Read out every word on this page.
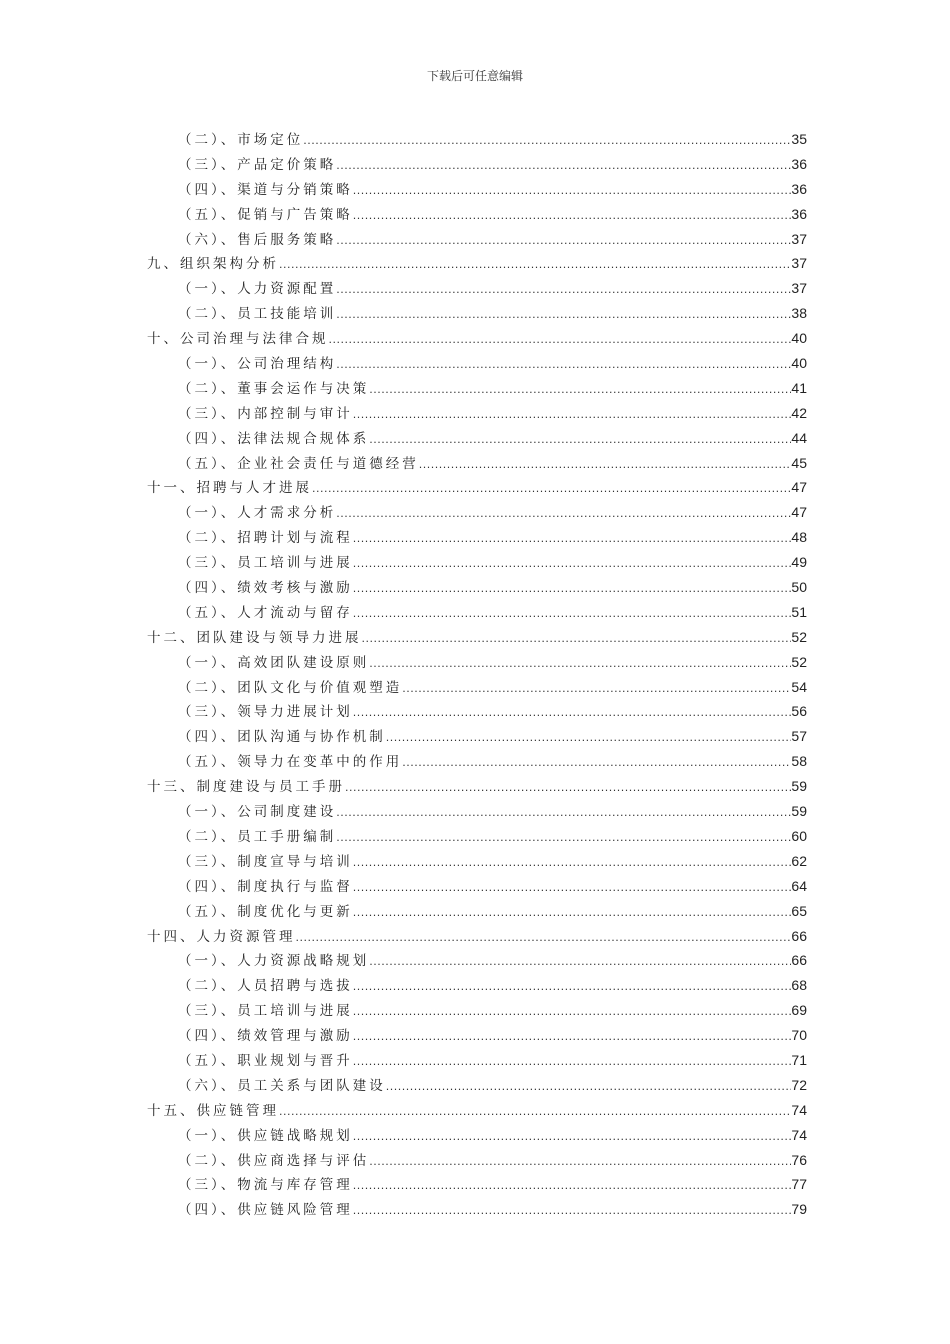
下载后可任意编辑
（二）、市场定位 .....	35
（三）、产品定价策略 .....	36
（四）、渠道与分销策略 .....	36
（五）、促销与广告策略 .....	36
（六）、售后服务策略 .....	37
九、组织架构分析 .....	37
（一）、人力资源配置 .....	37
（二）、员工技能培训 .....	38
十、公司治理与法律合规 .....	40
（一）、公司治理结构 .....	40
（二）、董事会运作与决策 .....	41
（三）、内部控制与审计 .....	42
（四）、法律法规合规体系 .....	44
（五）、企业社会责任与道德经营 .....	45
十一、招聘与人才进展 .....	47
（一）、人才需求分析 .....	47
（二）、招聘计划与流程 .....	48
（三）、员工培训与进展 .....	49
（四）、绩效考核与激励 .....	50
（五）、人才流动与留存 .....	51
十二、团队建设与领导力进展 .....	52
（一）、高效团队建设原则 .....	52
（二）、团队文化与价值观塑造 .....	54
（三）、领导力进展计划 .....	56
（四）、团队沟通与协作机制 .....	57
（五）、领导力在变革中的作用 .....	58
十三、制度建设与员工手册 .....	59
（一）、公司制度建设 .....	59
（二）、员工手册编制 .....	60
（三）、制度宣导与培训 .....	62
（四）、制度执行与监督 .....	64
（五）、制度优化与更新 .....	65
十四、人力资源管理 .....	66
（一）、人力资源战略规划 .....	66
（二）、人员招聘与选拔 .....	68
（三）、员工培训与进展 .....	69
（四）、绩效管理与激励 .....	70
（五）、职业规划与晋升 .....	71
（六）、员工关系与团队建设 .....	72
十五、供应链管理 .....	74
（一）、供应链战略规划 .....	74
（二）、供应商选择与评估 .....	76
（三）、物流与库存管理 .....	77
（四）、供应链风险管理 .....	79
